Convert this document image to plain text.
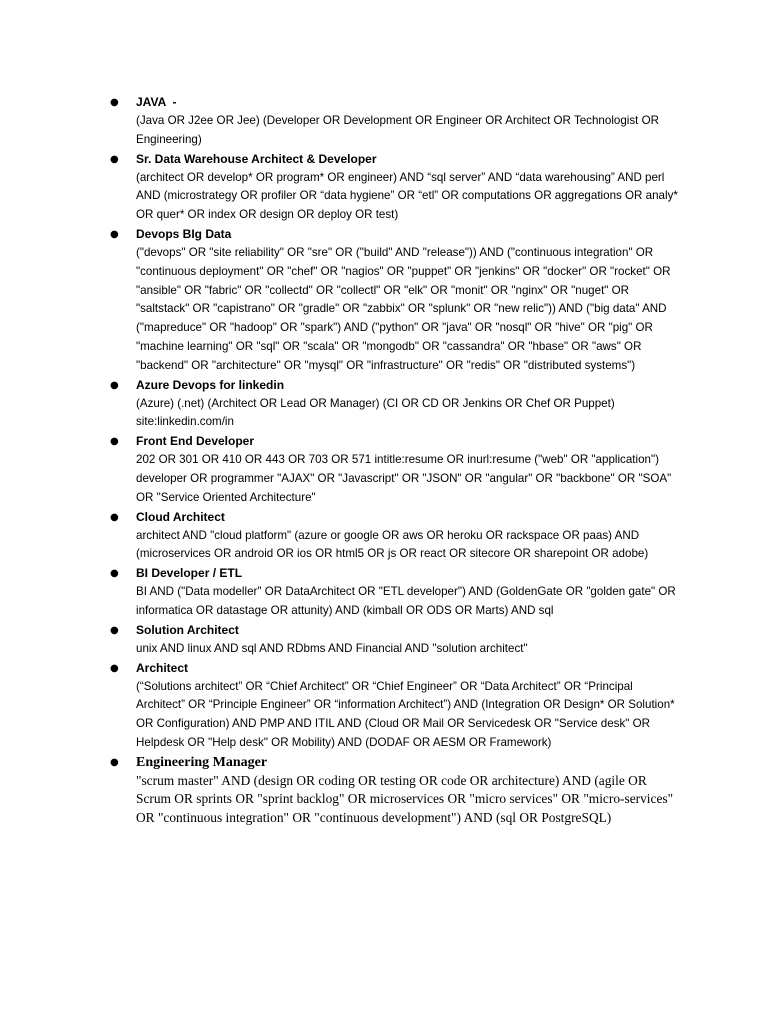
● JAVA  -
(Java OR J2ee OR Jee) (Developer OR Development OR Engineer OR Architect OR Technologist OR Engineering)
● Sr. Data Warehouse Architect & Developer
(architect OR develop* OR program* OR engineer) AND “sql server” AND “data warehousing” AND perl AND (microstrategy OR profiler OR “data hygiene” OR “etl” OR computations OR aggregations OR analy* OR quer* OR index OR design OR deploy OR test)
● Devops BIg Data
("devops" OR "site reliability" OR "sre" OR ("build" AND "release")) AND ("continuous integration" OR "continuous deployment" OR "chef" OR "nagios" OR "puppet" OR "jenkins" OR "docker" OR "rocket" OR "ansible" OR "fabric" OR "collectd" OR "collectl" OR "elk" OR "monit" OR "nginx" OR "nuget" OR "saltstack" OR "capistrano" OR "gradle" OR "zabbix" OR "splunk" OR "new relic")) AND ("big data" AND ("mapreduce" OR "hadoop" OR "spark") AND ("python" OR "java" OR "nosql" OR "hive" OR "pig" OR "machine learning" OR "sql" OR "scala" OR "mongodb" OR "cassandra" OR "hbase" OR "aws" OR "backend" OR "architecture" OR "mysql" OR "infrastructure" OR "redis" OR "distributed systems")
● Azure Devops for linkedin
(Azure) (.net) (Architect OR Lead OR Manager) (CI OR CD OR Jenkins OR Chef OR Puppet) site:linkedin.com/in
● Front End Developer
202 OR 301 OR 410 OR 443 OR 703 OR 571 intitle:resume OR inurl:resume ("web" OR "application") developer OR programmer "AJAX" OR "Javascript" OR "JSON" OR "angular" OR "backbone" OR "SOA" OR "Service Oriented Architecture"
● Cloud Architect
architect AND "cloud platform" (azure or google OR aws OR heroku OR rackspace OR paas) AND (microservices OR android OR ios OR html5 OR js OR react OR sitecore OR sharepoint OR adobe)
● BI Developer / ETL
BI AND ("Data modeller" OR DataArchitect OR "ETL developer") AND (GoldenGate OR "golden gate" OR informatica OR datastage OR attunity) AND (kimball OR ODS OR Marts) AND sql
● Solution Architect
unix AND linux AND sql AND RDbms AND Financial AND "solution architect"
● Architect
(“Solutions architect” OR “Chief Architect” OR “Chief Engineer” OR “Data Architect” OR “Principal Architect” OR “Principle Engineer” OR “information Architect”) AND (Integration OR Design* OR Solution* OR Configuration) AND PMP AND ITIL AND (Cloud OR Mail OR Servicedesk OR "Service desk" OR Helpdesk OR "Help desk" OR Mobility) AND (DODAF OR AESM OR Framework)
● Engineering Manager
"scrum master" AND (design OR coding OR testing OR code OR architecture) AND (agile OR Scrum OR sprints OR "sprint backlog" OR microservices OR "micro services" OR "micro-services" OR "continuous integration" OR "continuous development") AND (sql OR PostgreSQL)
